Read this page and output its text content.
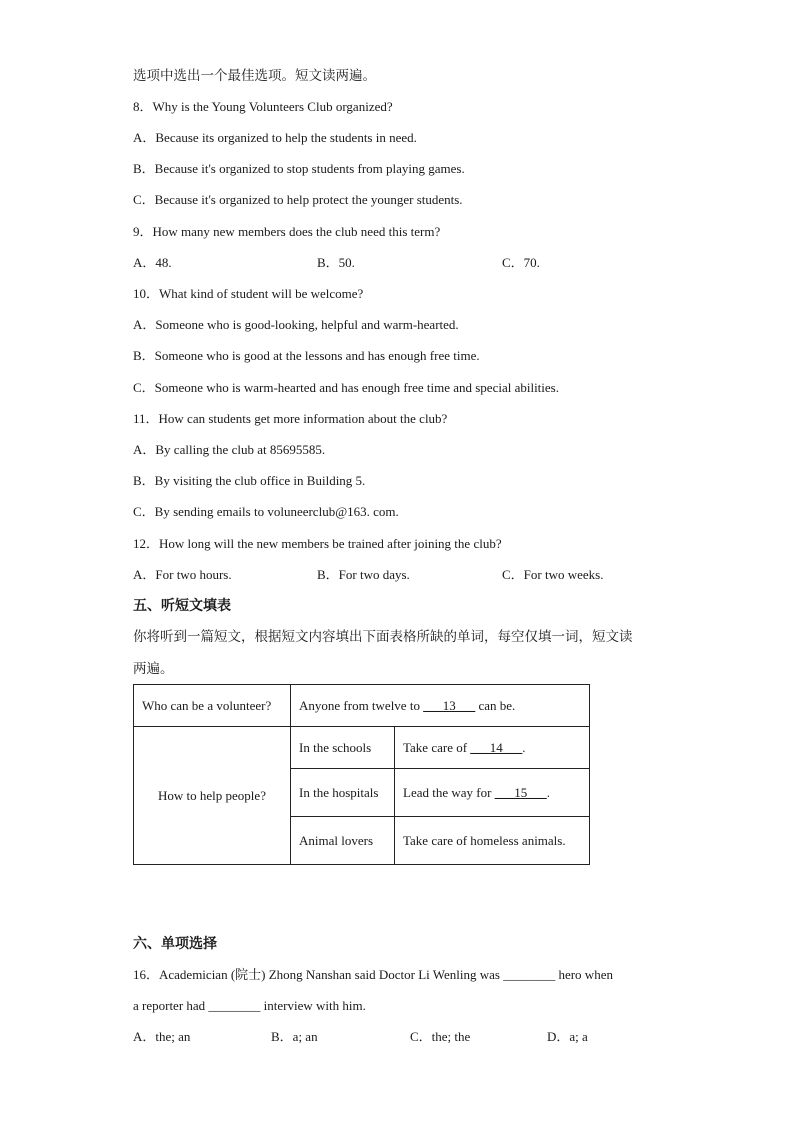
选项中选出一个最佳选项。短文读两遍。
8．Why is the Young Volunteers Club organized?
A．Because its organized to help the students in need.
B．Because it's organized to stop students from playing games.
C．Because it's organized to help protect the younger students.
9．How many new members does the club need this term?
A．48.	B．50.	C．70.
10．What kind of student will be welcome?
A．Someone who is good-looking, helpful and warm-hearted.
B．Someone who is good at the lessons and has enough free time.
C．Someone who is warm-hearted and has enough free time and special abilities.
11．How can students get more information about the club?
A．By calling the club at 85695585.
B．By visiting the club office in Building 5.
C．By sending emails to voluneerclub@163. com.
12．How long will the new members be trained after joining the club?
A．For two hours.	B．For two days.	C．For two weeks.
五、听短文填表
你将听到一篇短文，根据短文内容填出下面表格所缺的单词，每空仅填一词，短文读
两遍。
Who can be a volunteer?	Anyone from twelve to ___13___ can be.	
How to help people?	In the schools	Take care of ___14___.
	In the hospitals	Lead the way for ___15___.
	Animal lovers	Take care of homeless animals.
六、单项选择
16．Academician (院士) Zhong Nanshan said Doctor Li Wenling was ________ hero when
a reporter had ________ interview with him.
A．the; an	B．a; an	C．the; the	D．a; a
